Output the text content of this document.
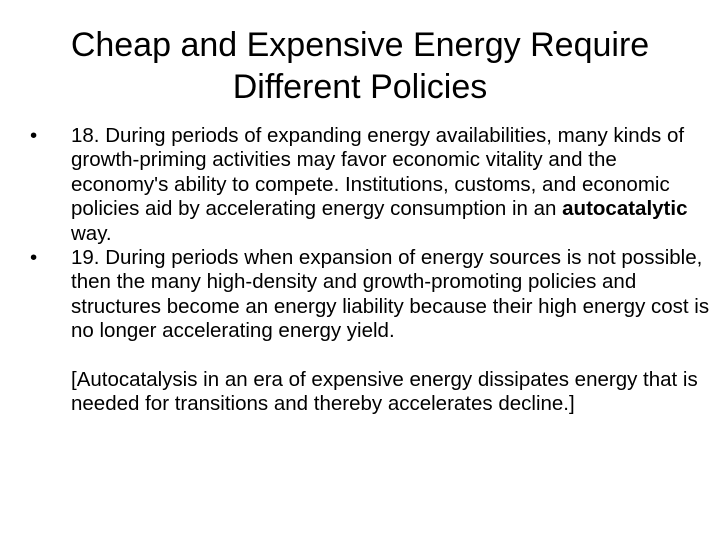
Cheap and Expensive Energy Require Different Policies
•	18. During periods of expanding energy availabilities, many kinds of growth-priming activities may favor economic vitality and the economy's ability to compete. Institutions, customs, and economic policies aid by accelerating energy consumption in an autocatalytic way.
•	19. During periods when expansion of energy sources is not possible, then the many high-density and growth-promoting policies and structures become an energy liability because their high energy cost is no longer accelerating energy yield.

[Autocatalysis in an era of expensive energy dissipates energy that is needed for transitions and thereby accelerates decline.]
